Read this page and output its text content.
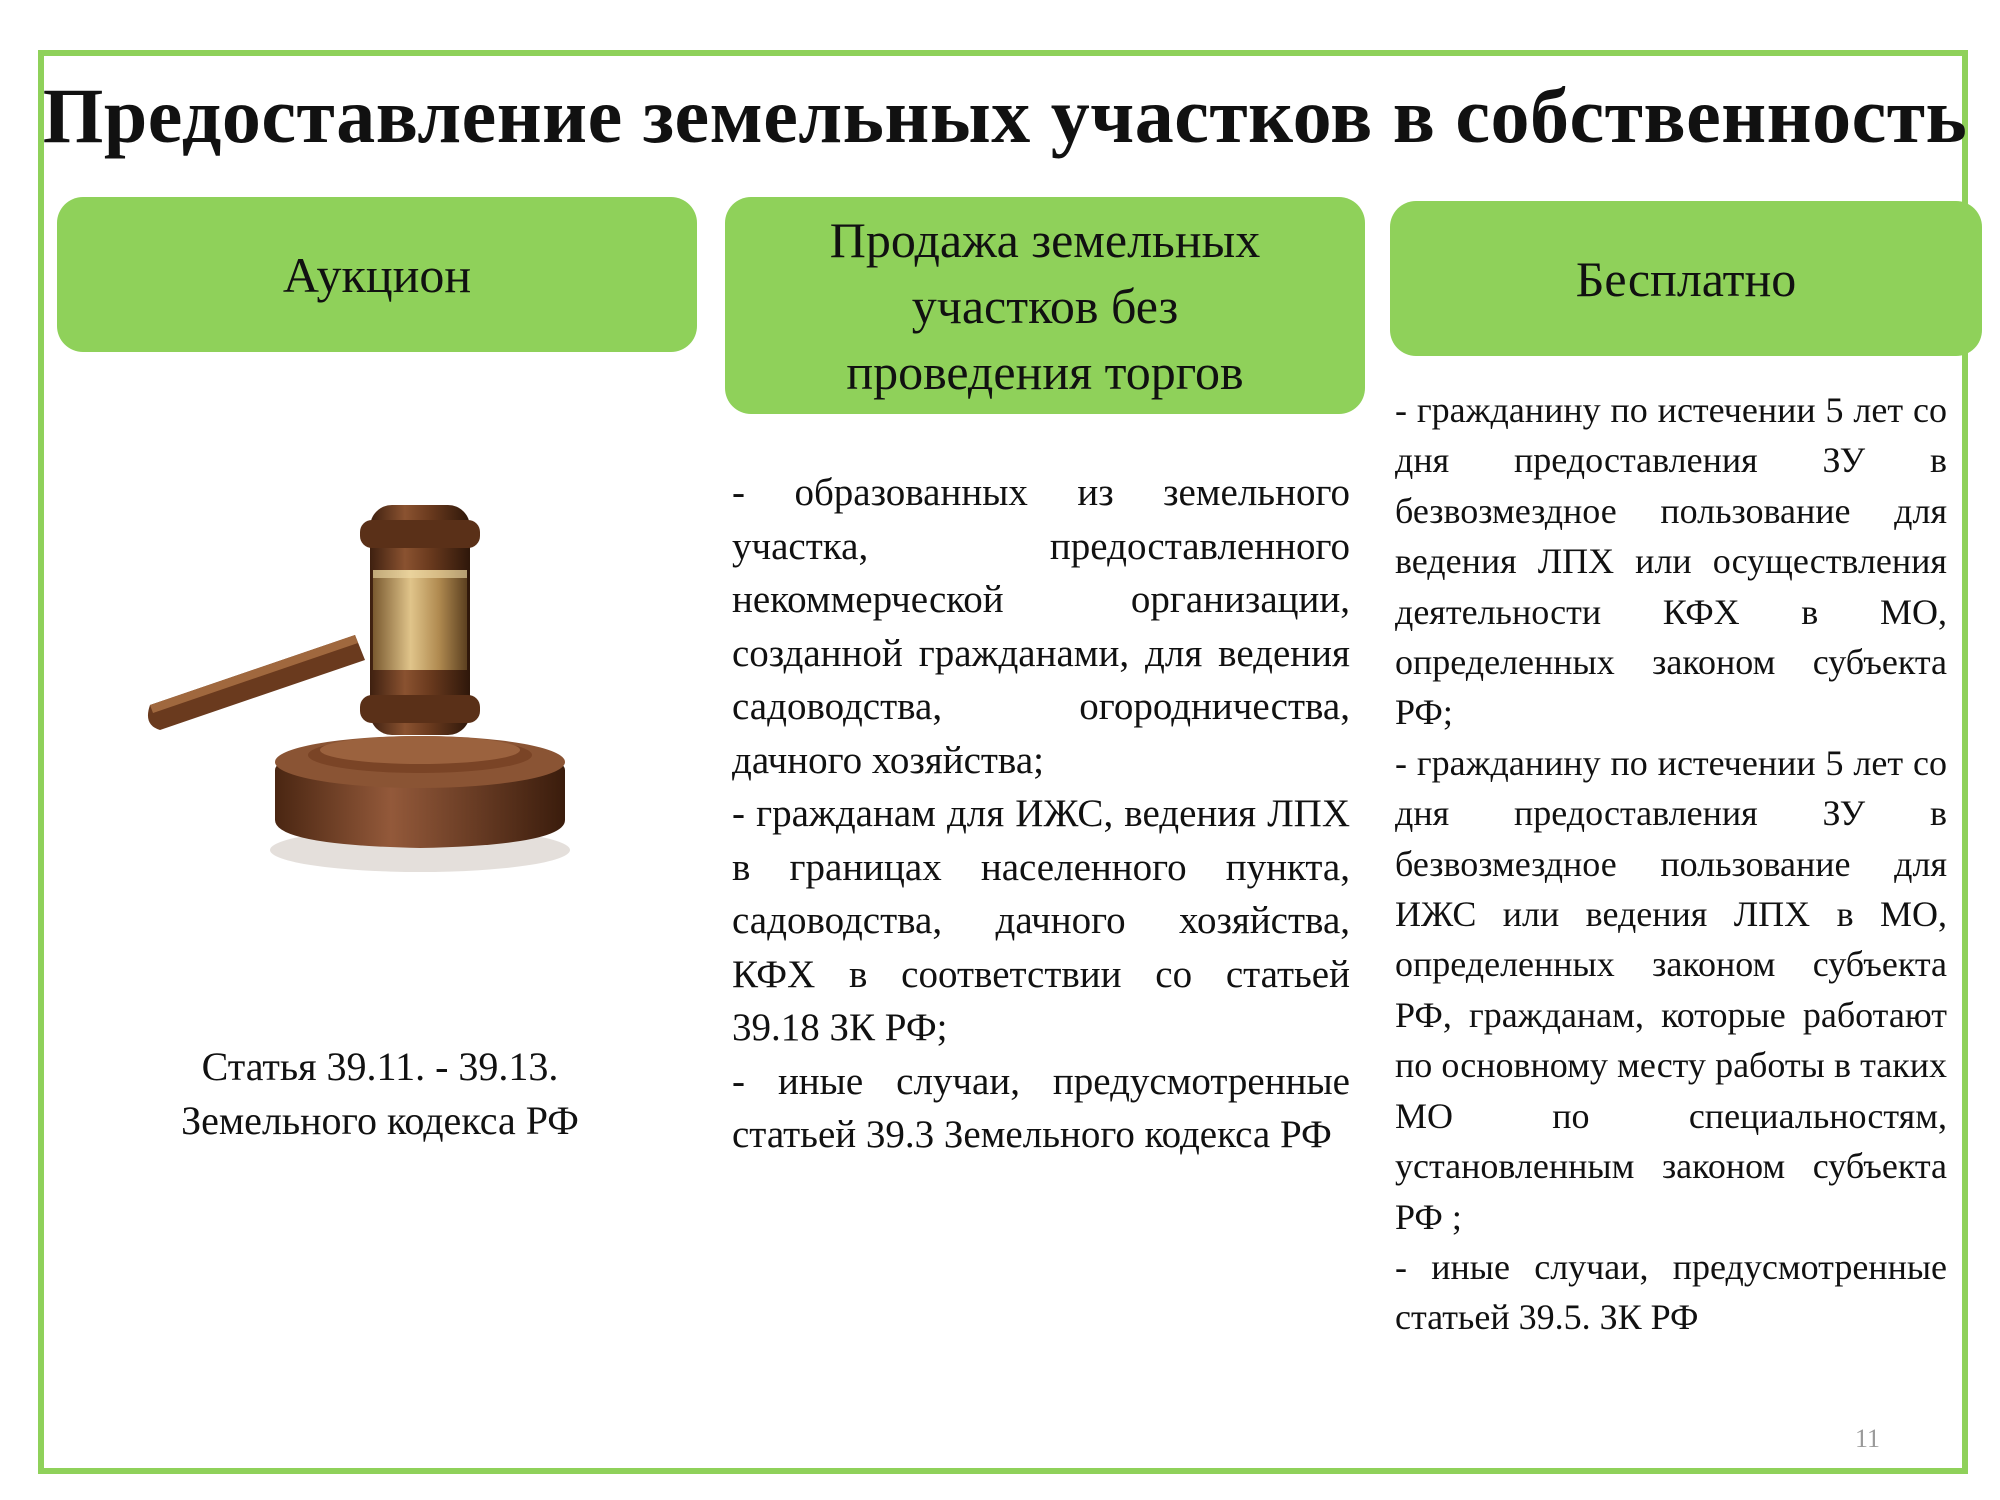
Предоставление земельных участков в собственность
Аукцион
Продажа земельных
участков без
проведения торгов
Бесплатно
Статья 39.11. - 39.13.
Земельного кодекса РФ
- образованных из земельного участка, предоставленного некоммерческой организации, созданной гражданами, для ведения садоводства, огородничества, дачного хозяйства;
- гражданам для ИЖС, ведения ЛПХ в границах населенного пункта, садоводства, дачного хозяйства, КФХ в соответствии со статьей 39.18 ЗК РФ;
- иные случаи, предусмотренные статьей 39.3 Земельного кодекса РФ
- гражданину по истечении 5 лет со дня предоставления ЗУ в безвозмездное пользование для ведения ЛПХ или осуществления деятельности КФХ в МО, определенных законом субъекта РФ;
- гражданину по истечении 5 лет со дня предоставления ЗУ в безвозмездное пользование для ИЖС или ведения ЛПХ в МО, определенных законом субъекта РФ, гражданам, которые работают по основному месту работы в таких МО по специальностям, установленным законом субъекта РФ ;
- иные случаи, предусмотренные статьей 39.5. ЗК РФ
11
